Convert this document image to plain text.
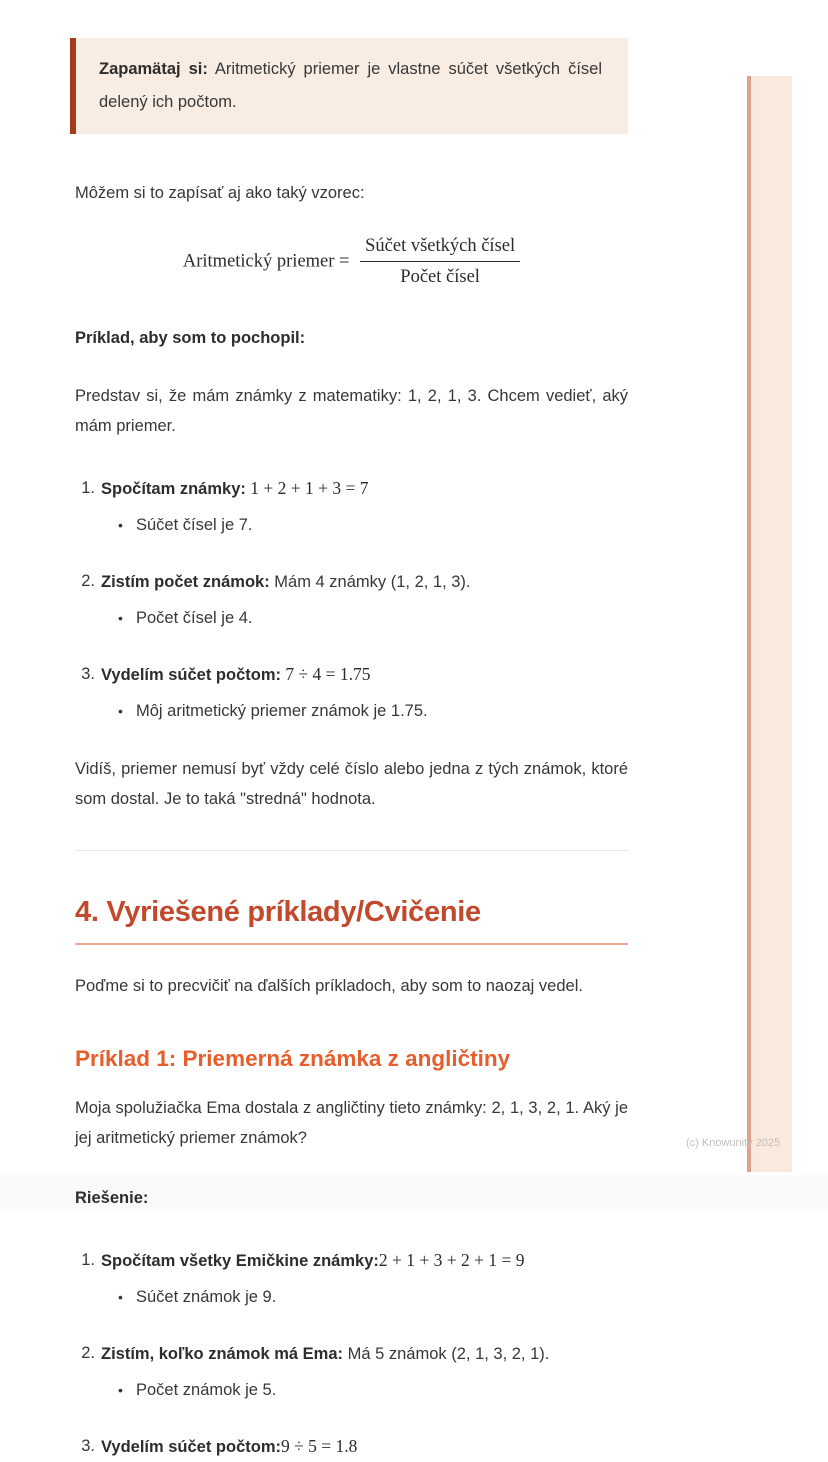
(c) Knowunity 2025
Zapamätaj si: Aritmetický priemer je vlastne súčet všetkých čísel delený ich počtom.

Môžem si to zapísať aj ako taký vzorec:

Aritmetický priemer = $\frac{\text{Súčet všetkých čísel}}{\text{Počet čísel}}$

Príklad, aby som to pochopil:

Predstav si, že mám známky z matematiky: 1, 2, 1, 3. Chcem vedieť, aký mám priemer.

1. Spočítam známky: 1 + 2 + 1 + 3 = 7

• Súčet čísel je 7.
2. Zistím počet známok: Mám 4 známky (1, 2, 1, 3).

• Počet čísel je 4.
3. Vydelím súčet počtom: 7 ÷ 4 = 1.75

• Môj aritmetický priemer známok je 1.75.

Vidíš, priemer nemusí byť vždy celé číslo alebo jedna z tých známok, ktoré som dostal. Je to taká "stredná" hodnota.

4. Vyriešené príklady/Cvičenie

Poďme si to precvičiť na ďalších príkladoch, aby som to naozaj vedel.

Príklad 1: Priemerná známka z angličtiny

Moja spolužiačka Ema dostala z angličtiny tieto známky: 2, 1, 3, 2, 1. Aký je jej aritmetický priemer známok?

Riešenie:

1. Spočítam všetky Emičkine známky:2 + 1 + 3 + 2 + 1 = 9

• Súčet známok je 9.
2. Zistím, koľko známok má Ema: Má 5 známok (2, 1, 3, 2, 1).

• Počet známok je 5.
3. Vydelím súčet počtom:9 ÷ 5 = 1.8
